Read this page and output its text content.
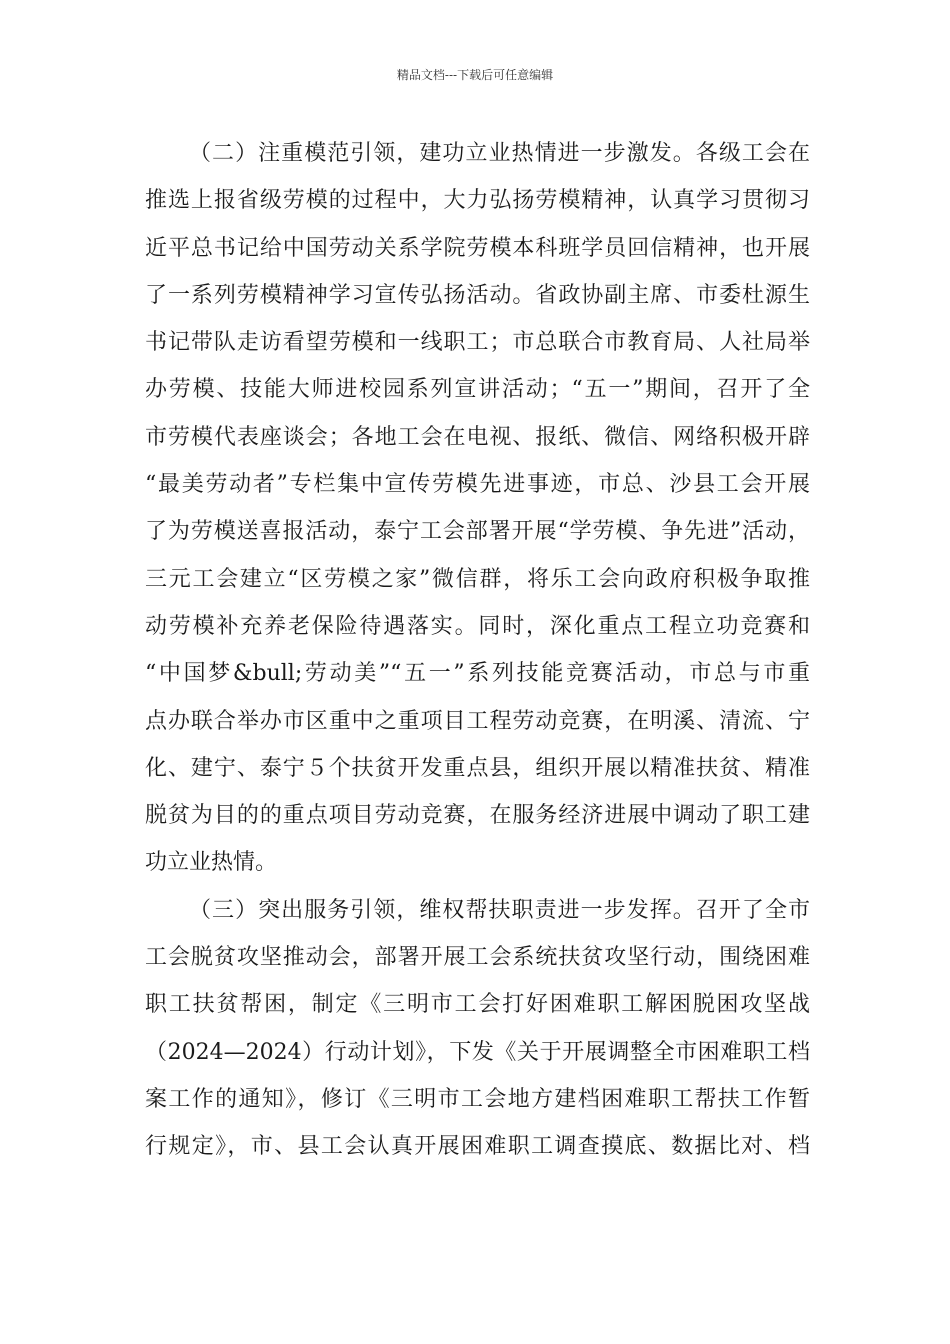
精品文档---下载后可任意编辑
（二）注重模范引领，建功立业热情进一步激发。各级工会在
推选上报省级劳模的过程中，大力弘扬劳模精神，认真学习贯彻习
近平总书记给中国劳动关系学院劳模本科班学员回信精神，也开展
了一系列劳模精神学习宣传弘扬活动。省政协副主席、市委杜源生
书记带队走访看望劳模和一线职工；市总联合市教育局、人社局举
办劳模、技能大师进校园系列宣讲活动；“五一”期间，召开了全
市劳模代表座谈会；各地工会在电视、报纸、微信、网络积极开辟
“最美劳动者”专栏集中宣传劳模先进事迹，市总、沙县工会开展
了为劳模送喜报活动，泰宁工会部署开展“学劳模、争先进”活动，
三元工会建立“区劳模之家”微信群，将乐工会向政府积极争取推
动劳模补充养老保险待遇落实。同时，深化重点工程立功竞赛和
“中国梦&bull;劳动美”“五一”系列技能竞赛活动，市总与市重
点办联合举办市区重中之重项目工程劳动竞赛，在明溪、清流、宁
化、建宁、泰宁５个扶贫开发重点县，组织开展以精准扶贫、精准
脱贫为目的的重点项目劳动竞赛，在服务经济进展中调动了职工建
功立业热情。
（三）突出服务引领，维权帮扶职责进一步发挥。召开了全市
工会脱贫攻坚推动会，部署开展工会系统扶贫攻坚行动，围绕困难
职工扶贫帮困，制定《三明市工会打好困难职工解困脱困攻坚战
（2024—2024）行动计划》，下发《关于开展调整全市困难职工档
案工作的通知》，修订《三明市工会地方建档困难职工帮扶工作暂
行规定》，市、县工会认真开展困难职工调查摸底、数据比对、档
